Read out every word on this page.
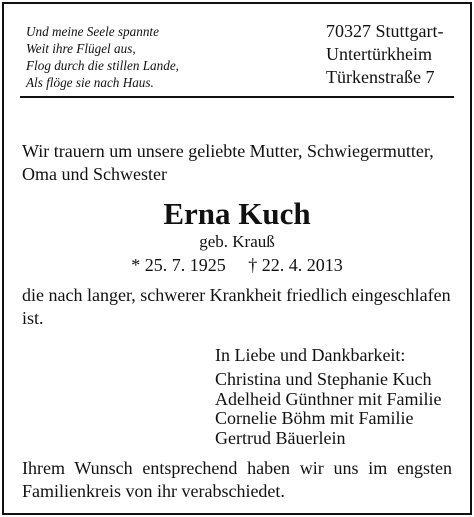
Und meine Seele spannte
Weit ihre Flügel aus,
Flog durch die stillen Lande,
Als flöge sie nach Haus.
70327 Stuttgart-
Untertürkheim
Türkenstraße 7
Wir trauern um unsere geliebte Mutter, Schwiegermutter, Oma und Schwester
Erna Kuch
geb. Krauß
* 25. 7. 1925 † 22. 4. 2013
die nach langer, schwerer Krankheit friedlich eingeschlafen ist.
In Liebe und Dankbarkeit:
Christina und Stephanie Kuch
Adelheid Günthner mit Familie
Cornelie Böhm mit Familie
Gertrud Bäuerlein
Ihrem Wunsch entsprechend haben wir uns im engsten Familienkreis von ihr verabschiedet.
